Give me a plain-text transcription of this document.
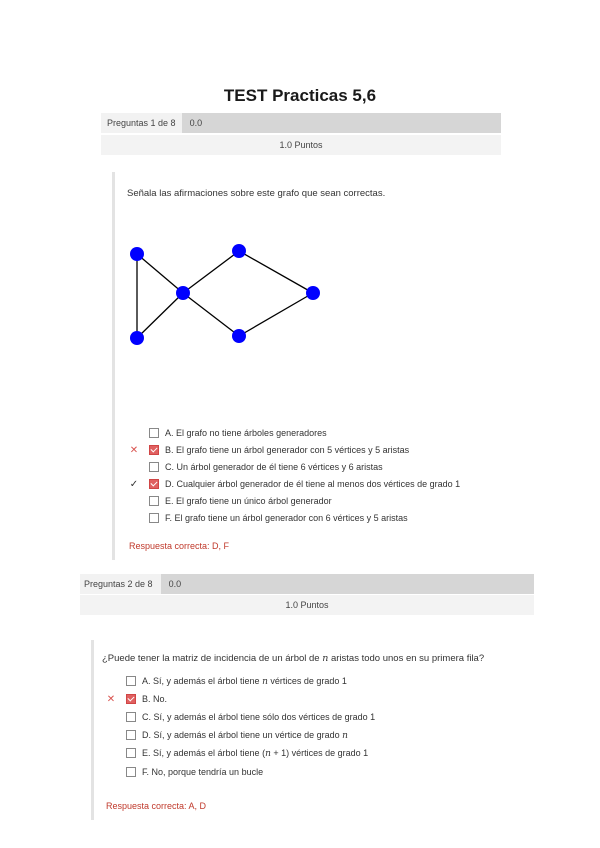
TEST Practicas 5,6
Preguntas 1 de 8	0.0
1.0 Puntos
Señala las afirmaciones sobre este grafo que sean correctas.
A. El grafo no tiene árboles generadores
✕	B. El grafo tiene un árbol generador con 5 vértices y 5 aristas
C. Un árbol generador de él tiene 6 vértices y 6 aristas
✓	D. Cualquier árbol generador de él tiene al menos dos vértices de grado 1
E. El grafo tiene un único árbol generador
F. El grafo tiene un árbol generador con 6 vértices y 5 aristas
Respuesta correcta: D, F
Preguntas 2 de 8	0.0
1.0 Puntos
¿Puede tener la matriz de incidencia de un árbol de n aristas todo unos en su primera fila?
A. Sí, y además el árbol tiene n vértices de grado 1
✕	B. No.
C. Sí, y además el árbol tiene sólo dos vértices de grado 1
D. Sí, y además el árbol tiene un vértice de grado n
E. Sí, y además el árbol tiene (n + 1) vértices de grado 1
F. No, porque tendría un bucle
Respuesta correcta: A, D
